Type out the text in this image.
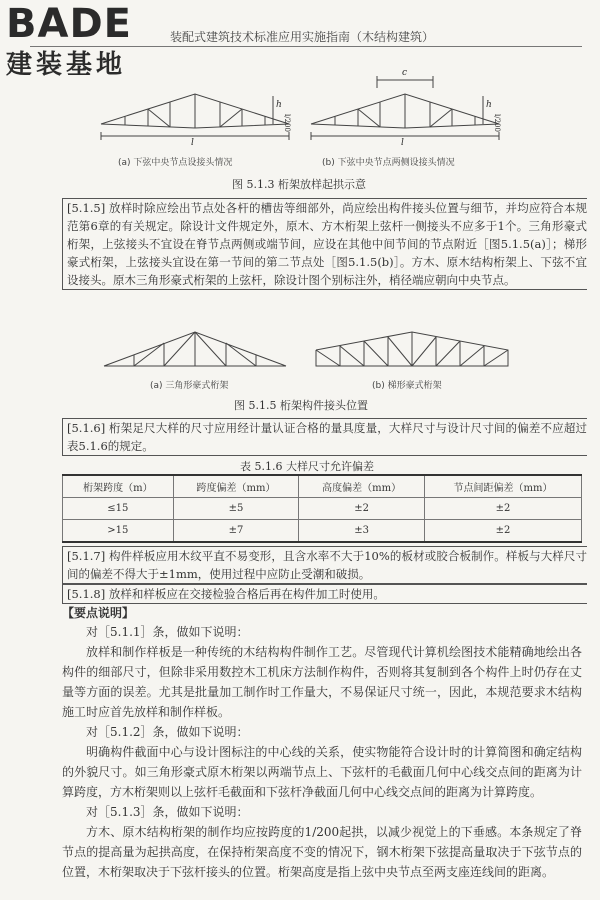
BADE
建装基地
装配式建筑技术标准应用实施指南（木结构建筑）
h
l
l/200
(a) 下弦中央节点设接头情况
c
h
l
l/200
(b) 下弦中央节点两侧设接头情况
图 5.1.3 桁架放样起拱示意
[5.1.5] 放样时除应绘出节点处各杆的槽齿等细部外，尚应绘出构件接头位置与细节，并均应符合本规范第6章的有关规定。除设计文件规定外，原木、方木桁架上弦杆一侧接头不应多于1个。三角形豪式桁架，上弦接头不宜设在脊节点两侧或端节间，应设在其他中间节间的节点附近［图5.1.5(a)］；梯形豪式桁架，上弦接头宜设在第一节间的第二节点处［图5.1.5(b)］。方木、原木结构桁架上、下弦不宜设接头。原木三角形豪式桁架的上弦杆，除设计图个别标注外，梢径端应朝向中央节点。
(a) 三角形豪式桁架	(b) 梯形豪式桁架
图 5.1.5 桁架构件接头位置
[5.1.6] 桁架足尺大样的尺寸应用经计量认证合格的量具度量，大样尺寸与设计尺寸间的偏差不应超过表5.1.6的规定。
表 5.1.6 大样尺寸允许偏差
桁架跨度（m）	跨度偏差（mm）	高度偏差（mm）	节点间距偏差（mm）
≤15	±5	±2	±2
>15	±7	±3	±2
[5.1.7] 构件样板应用木纹平直不易变形，且含水率不大于10%的板材或胶合板制作。样板与大样尺寸间的偏差不得大于±1mm，使用过程中应防止受潮和破损。
[5.1.8] 放样和样板应在交接检验合格后再在构件加工时使用。
【要点说明】
对［5.1.1］条，做如下说明：
放样和制作样板是一种传统的木结构构件制作工艺。尽管现代计算机绘图技术能精确地绘出各构件的细部尺寸，但除非采用数控木工机床方法制作构件，否则将其复制到各个构件上时仍存在丈量等方面的误差。尤其是批量加工制作时工作量大，不易保证尺寸统一，因此，本规范要求木结构施工时应首先放样和制作样板。
对［5.1.2］条，做如下说明：
明确构件截面中心与设计图标注的中心线的关系，使实物能符合设计时的计算简图和确定结构的外貌尺寸。如三角形豪式原木桁架以两端节点上、下弦杆的毛截面几何中心线交点间的距离为计算跨度，方木桁架则以上弦杆毛截面和下弦杆净截面几何中心线交点间的距离为计算跨度。
对［5.1.3］条，做如下说明：
方木、原木结构桁架的制作均应按跨度的1/200起拱，以减少视觉上的下垂感。本条规定了脊节点的提高量为起拱高度，在保持桁架高度不变的情况下，钢木桁架下弦提高量取决于下弦节点的位置，木桁架取决于下弦杆接头的位置。桁架高度是指上弦中央节点至两支座连线间的距离。
